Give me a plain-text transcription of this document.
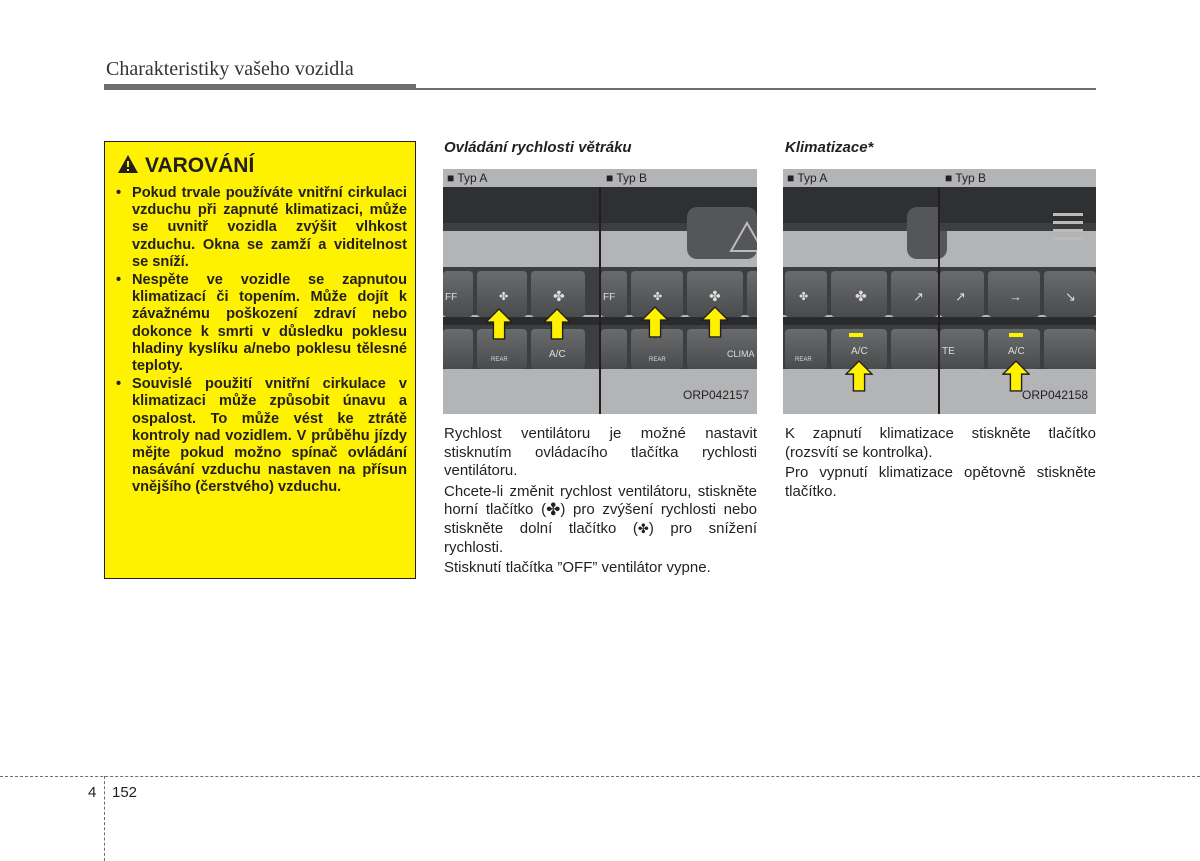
Charakteristiky vašeho vozidla
VAROVÁNÍ
• Pokud trvale používáte vnitřní cirkulaci vzduchu při zapnuté klimatizaci, může se uvnitř vozidla zvýšit vlhkost vzduchu. Okna se zamží a viditelnost se sníží.
• Nespěte ve vozidle se zapnutou klimatizací či topením. Může dojít k závažnému poškození zdraví nebo dokonce k smrti v důsledku poklesu hladiny kyslíku a/nebo poklesu tělesné teploty.
• Souvislé použití vnitřní cirkulace v klimatizaci může způsobit únavu a ospalost. To může vést ke ztrátě kontroly nad vozidlem. V průběhu jízdy mějte pokud možno spínač ovládání nasávání vzduchu nastaven na přísun vnějšího (čerstvého) vzduchu.
Ovládání rychlosti větráku
FF	✤	✤
REAR	A/C
FF	✤	✤
REAR
CLIMA
■ Typ A	■ Typ B
ORP042157

Rychlost ventilátoru je možné nastavit stisknutím ovládacího tlačítka rychlosti ventilátoru.

Chcete-li změnit rychlost ventilátoru, stiskněte horní tlačítko (✤) pro zvýšení rychlosti nebo stiskněte dolní tlačítko (✤) pro snížení rychlosti.

Stisknutí tlačítka ”OFF” ventilátor vypne.

Klimatizace*
✤	✤	↗
REAR
A/C
↗	→	↘
TE	A/C
■ Typ A	■ Typ B
ORP042158

K zapnutí klimatizace stiskněte tlačítko (rozsvítí se kontrolka).

Pro vypnutí klimatizace opětovně stiskněte tlačítko.

4 152
